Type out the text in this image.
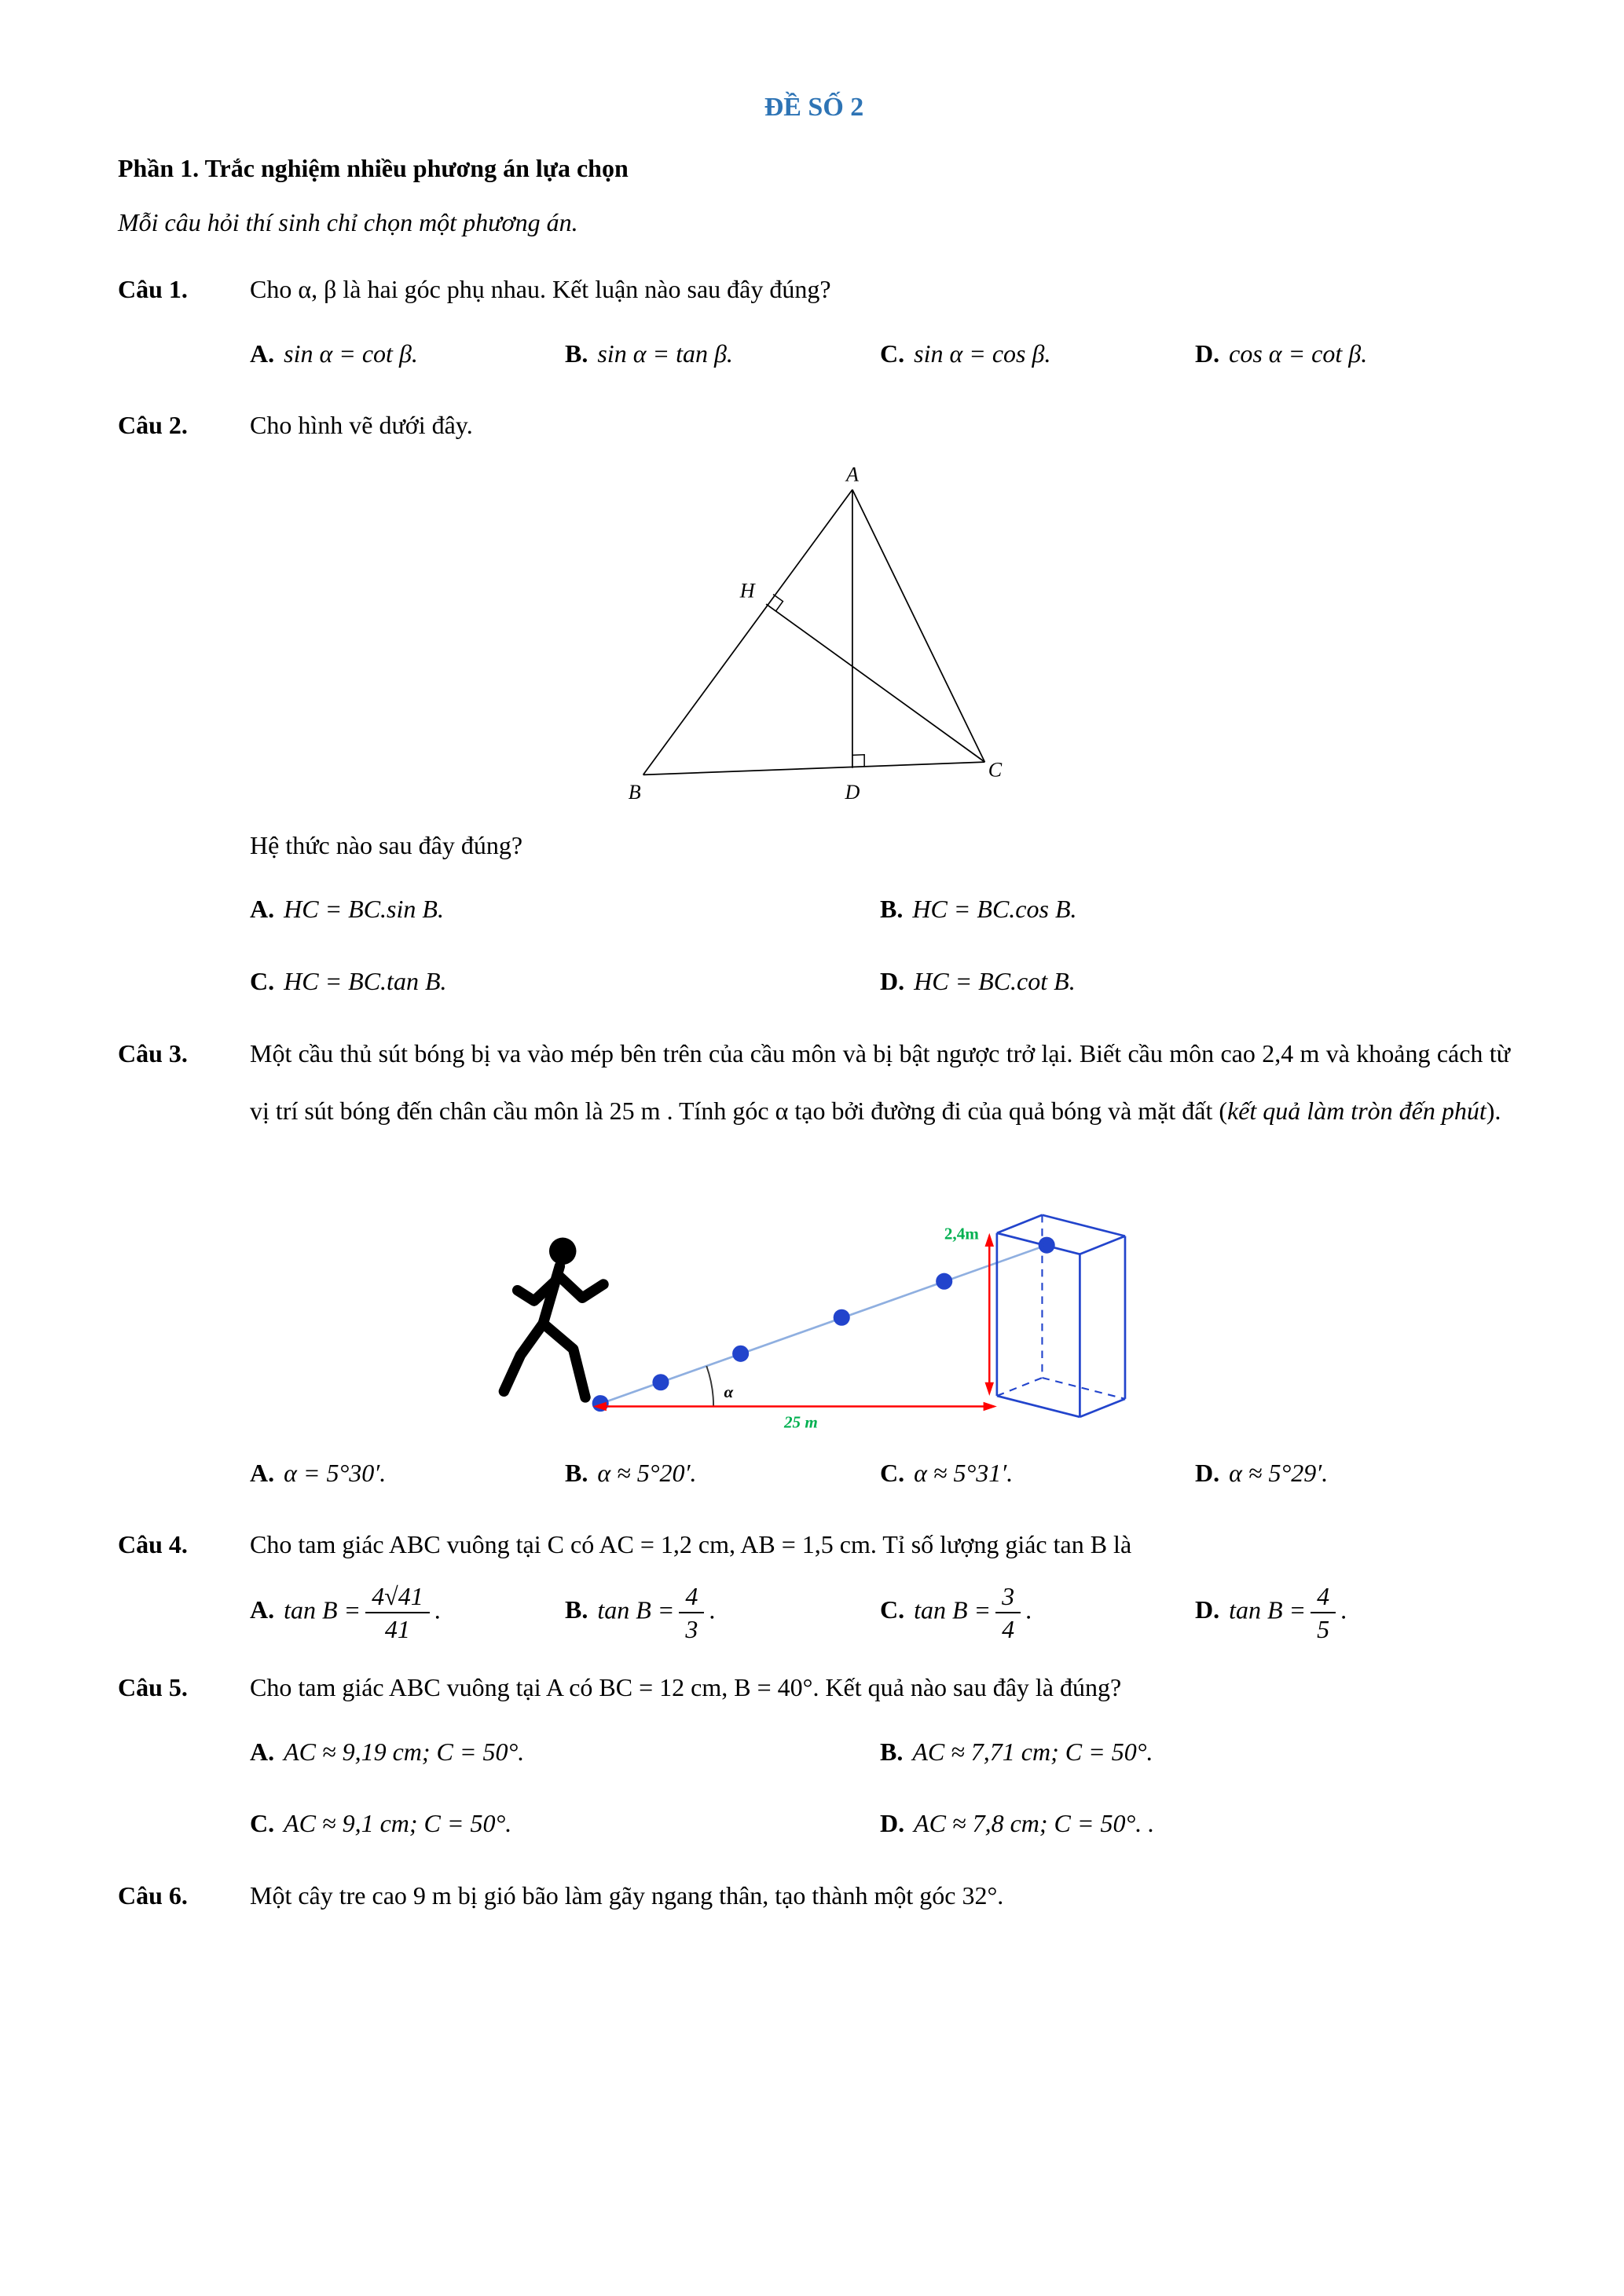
ĐỀ SỐ 2

Phần 1. Trắc nghiệm nhiều phương án lựa chọn

Mỗi câu hỏi thí sinh chỉ chọn một phương án.

Câu 1.	Cho α, β là hai góc phụ nhau. Kết luận nào sau đây đúng?
A. sin α = cot β.	B. sin α = tan β.	C. sin α = cos β.	D. cos α = cot β.
Câu 2.	Cho hình vẽ dưới đây.
A
B
C
D
H
Hệ thức nào sau đây đúng?
A. HC = BC.sin B.	B. HC = BC.cos B.
C. HC = BC.tan B.	D. HC = BC.cot B.
Câu 3.	Một cầu thủ sút bóng bị va vào mép bên trên của cầu môn và bị bật ngược trở lại. Biết cầu môn cao 2,4 m và khoảng cách từ vị trí sút bóng đến chân cầu môn là 25 m . Tính góc α tạo bởi đường đi của quả bóng và mặt đất (kết quả làm tròn đến phút).
α
2,4m
25 m
A. α = 5°30′.	B. α ≈ 5°20′.	C. α ≈ 5°31′.	D. α ≈ 5°29′.
Câu 4.	Cho tam giác ABC vuông tại C có AC = 1,2 cm, AB = 1,5 cm. Tỉ số lượng giác tan B là
A. $\tan B = \frac{4√41}{41}$ .	B. $\tan B = \frac{4}{3}$ .	C. $\tan B = \frac{3}{4}$ .	D. $\tan B = \frac{4}{5}$ .
Câu 5.	Cho tam giác ABC vuông tại A có BC = 12 cm, B = 40°. Kết quả nào sau đây là đúng?
A. AC ≈ 9,19 cm; C = 50°.	B. AC ≈ 7,71 cm; C = 50°.
C. AC ≈ 9,1 cm; C = 50°.	D. AC ≈ 7,8 cm; C = 50°. .
Câu 6.	Một cây tre cao 9 m bị gió bão làm gãy ngang thân, tạo thành một góc 32°.
